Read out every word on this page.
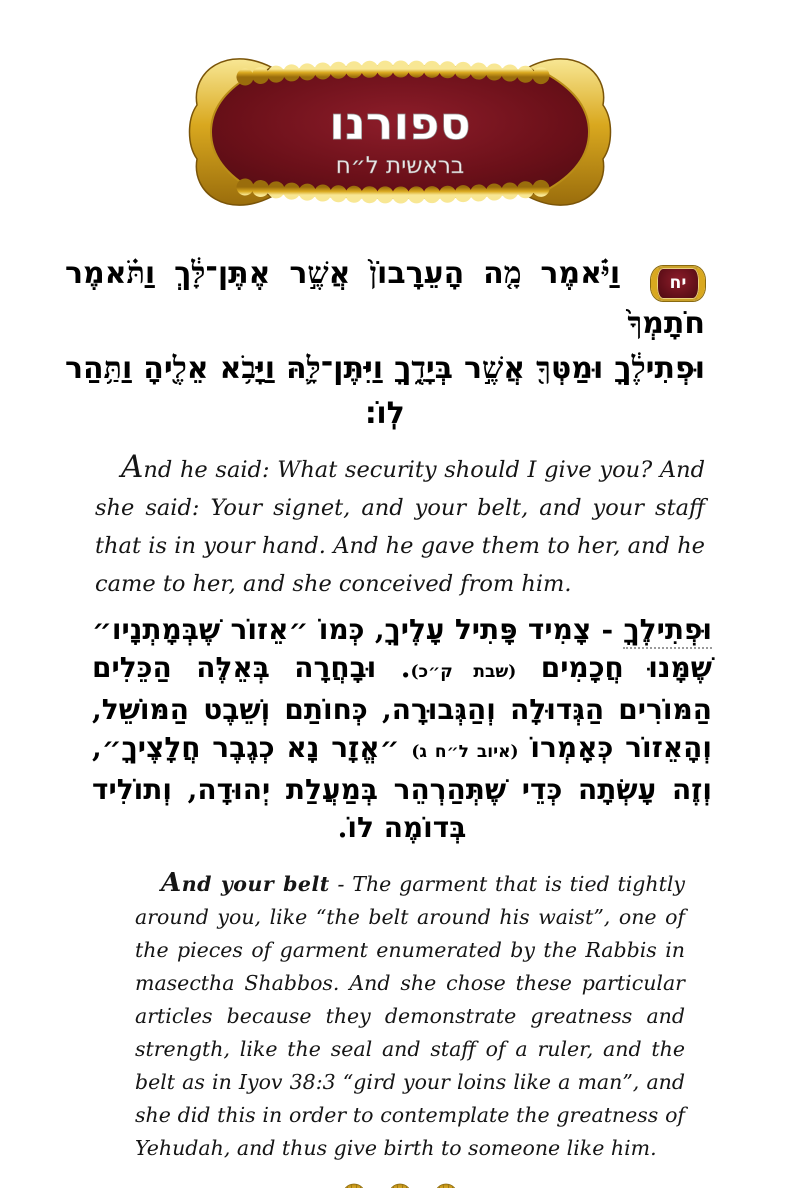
ספורנו
בראשית ל״ח
יח
וַיֹּ֗אמֶר מָ֤ה הָעֵרָבוֹן֙ אֲשֶׁ֣ר אֶתֶּן־לָּ֔ךְ וַתֹּ֗אמֶר חֹתָמְךָ֙
וּפְתִילֶ֔ךָ וּמַטְּךָ֖ אֲשֶׁ֣ר בְּיָדֶ֑ךָ וַיִּתֶּן־לָּ֛הּ וַיָּבֹ֥א אֵלֶ֖יהָ וַתַּ֥הַר
לֽוֹ׃

And he said: What security should I give you? And she said: Your signet, and your belt, and your staff that is in your hand. And he gave them to her, and he came to her, and she conceived from him.

וּפְתִילֶךָ - צָמִיד פָּתִיל עָלֶיךָ, כְּמוֹ ״אֵזוֹר שֶׁבְּמָתְנָיו״ שֶׁמָּנוּ חֲכָמִים (שבת ק״כ). וּבָחֲרָה בְּאֵלֶּה הַכֵּלִים הַמּוֹרִים הַגְּדוּלָה וְהַגְּבוּרָה, כְּחוֹתַם וְשֵׁבֶט הַמּוֹשֵׁל, וְהָאֵזוֹר כְּאָמְרוֹ (איוב ל״ח ג) ״אֱזָר נָא כְגֶבֶר חֲלָצֶיךָ״, וְזֶה עָשְׂתָה כְּדֵי שֶׁתְּהַרְהֵר בְּמַעֲלַת יְהוּדָה, וְתוֹלִיד בְּדוֹמֶה לוֹ.

And your belt - The garment that is tied tightly around you, like “the belt around his waist”, one of the pieces of garment enumerated by the Rabbis in masectha Shabbos. And she chose these particular articles because they demonstrate greatness and strength, like the seal and staff of a ruler, and the belt as in Iyov 38:3 “gird your loins like a man”, and she did this in order to contemplate the greatness of Yehudah, and thus give birth to someone like him.
